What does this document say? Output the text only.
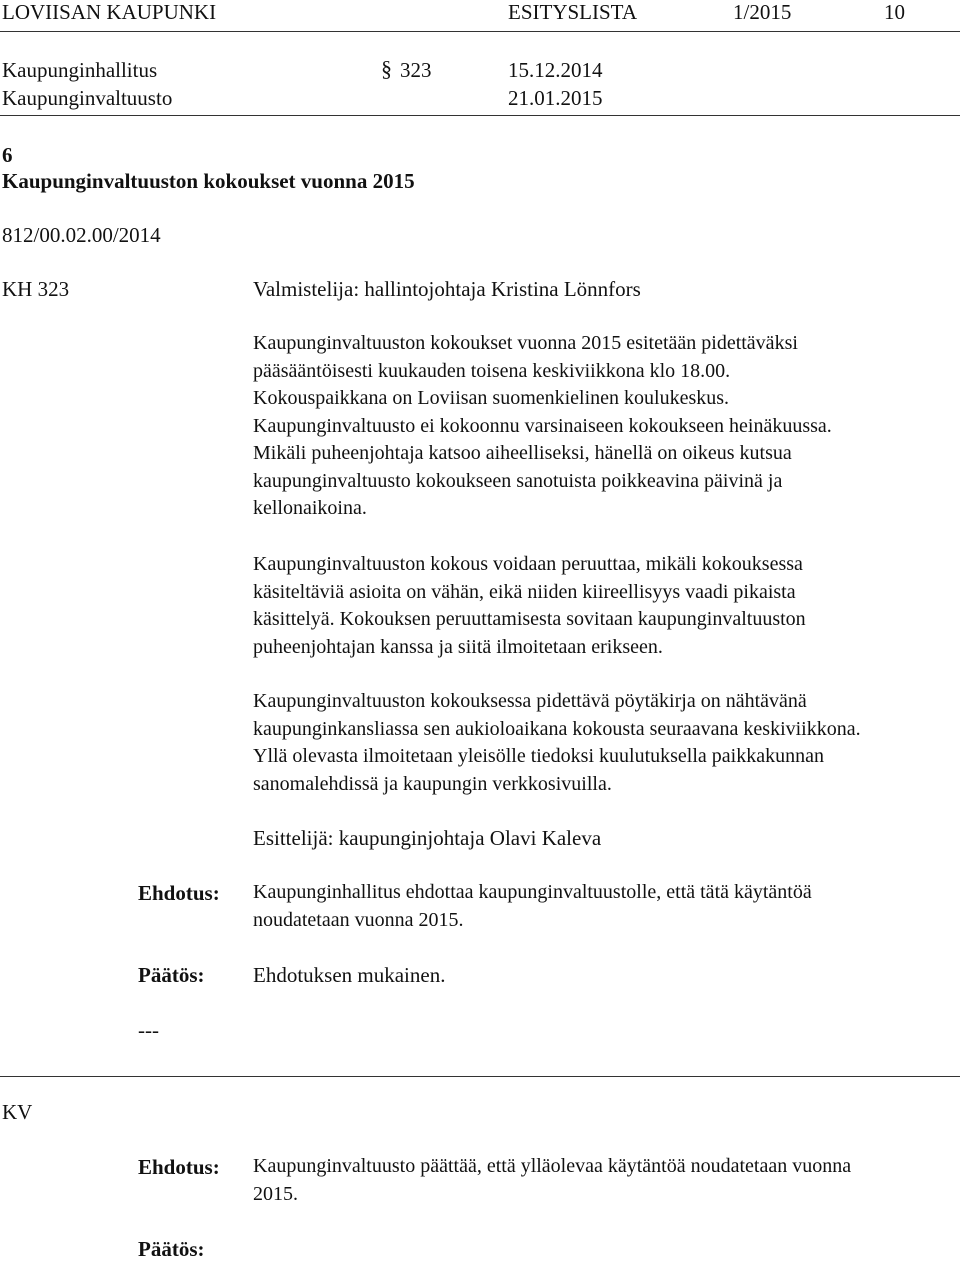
LOVIISAN KAUPUNKI	ESITYSLISTA	1/2015	10
Kaupunginhallitus	§ 323	15.12.2014
Kaupunginvaltuusto	21.01.2015
6
Kaupunginvaltuuston kokoukset vuonna 2015
812/00.02.00/2014
KH 323	Valmistelija: hallintojohtaja Kristina Lönnfors

Kaupunginvaltuuston kokoukset vuonna 2015 esitetään pidettäväksi

pääsääntöisesti kuukauden toisena keskiviikkona klo 18.00.

Kokouspaikkana on Loviisan suomenkielinen koulukeskus.

Kaupunginvaltuusto ei kokoonnu varsinaiseen kokoukseen heinäkuussa.

Mikäli puheenjohtaja katsoo aiheelliseksi, hänellä on oikeus kutsua

kaupunginvaltuusto kokoukseen sanotuista poikkeavina päivinä ja

kellonaikoina.

Kaupunginvaltuuston kokous voidaan peruuttaa, mikäli kokouksessa

käsiteltäviä asioita on vähän, eikä niiden kiireellisyys vaadi pikaista

käsittelyä. Kokouksen peruuttamisesta sovitaan kaupunginvaltuuston

puheenjohtajan kanssa ja siitä ilmoitetaan erikseen.

Kaupunginvaltuuston kokouksessa pidettävä pöytäkirja on nähtävänä

kaupunginkansliassa sen aukioloaikana kokousta seuraavana keskiviikkona.

Yllä olevasta ilmoitetaan yleisölle tiedoksi kuulutuksella paikkakunnan

sanomalehdissä ja kaupungin verkkosivuilla.

Esittelijä: kaupunginjohtaja Olavi Kaleva
Ehdotus: Kaupunginhallitus ehdottaa kaupunginvaltuustolle, että tätä käytäntöä

noudatetaan vuonna 2015.

Päätös: Ehdotuksen mukainen.
---
KV
Ehdotus: Kaupunginvaltuusto päättää, että ylläolevaa käytäntöä noudatetaan vuonna

2015.

Päätös:
